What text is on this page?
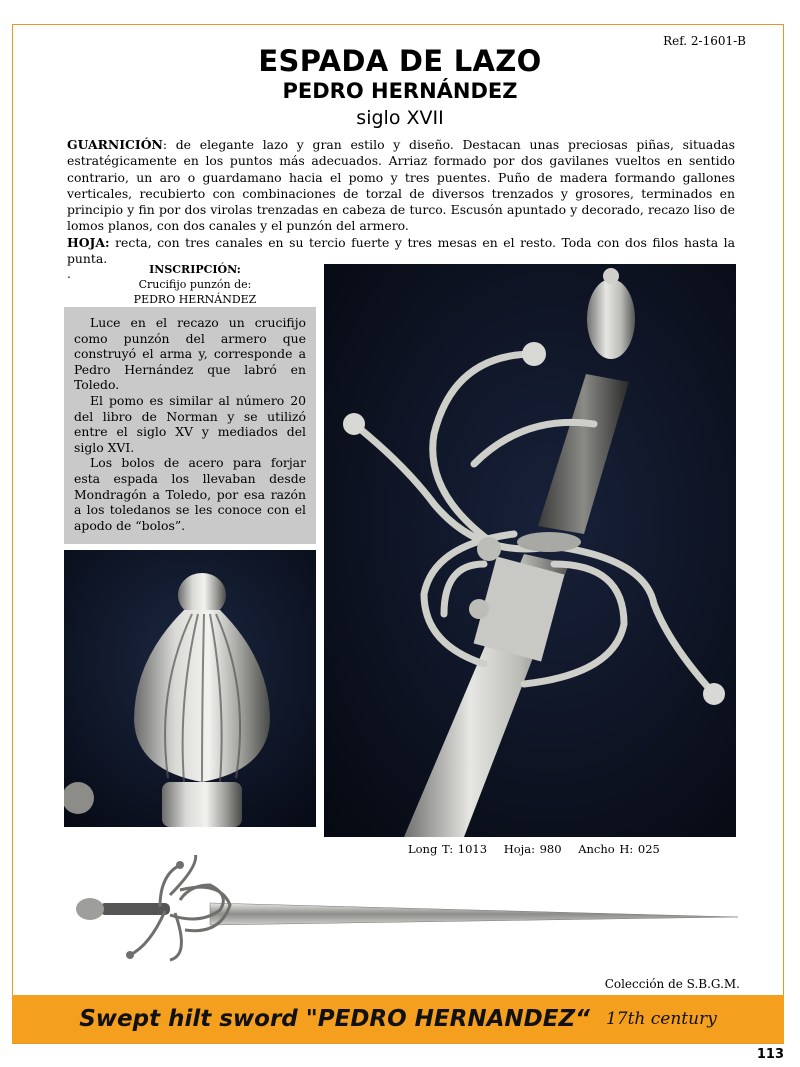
Ref. 2-1601-B
ESPADA DE LAZO
PEDRO HERNÁNDEZ
siglo XVII

GUARNICIÓN: de elegante lazo y gran estilo y diseño. Destacan unas preciosas piñas, situadas estratégicamente en los puntos más adecuados. Arriaz formado por dos gavilanes vueltos en sentido contrario, un aro o guardamano hacia el pomo y tres puentes. Puño de madera formando gallones verticales, recubierto con combinaciones de torzal de diversos trenzados y grosores, terminados en principio y fin por dos virolas trenzadas en cabeza de turco. Escusón apuntado y decorado, recazo liso de lomos planos, con dos canales y el punzón del armero.
HOJA: recta, con tres canales en su tercio fuerte y tres mesas en el resto. Toda con dos filos hasta la punta.

.	INSCRIPCIÓN:
Crucifijo punzón de:
PEDRO HERNÁNDEZ

Luce en el recazo un crucifijo como punzón del armero que construyó el arma y, corresponde a Pedro Hernández que labró en Toledo.

El pomo es similar al número 20 del libro de Norman y se utilizó entre el siglo XV y mediados del siglo XVI.

Los bolos de acero para forjar esta espada los llevaban desde Mondragón a Toledo, por esa razón a los toledanos se les conoce con el apodo de “bolos”.

Long T: 1013 Hoja: 980 Ancho H: 025
Colección de S.B.G.M.
Swept hilt sword "PEDRO HERNANDEZ“ 17th century
113
